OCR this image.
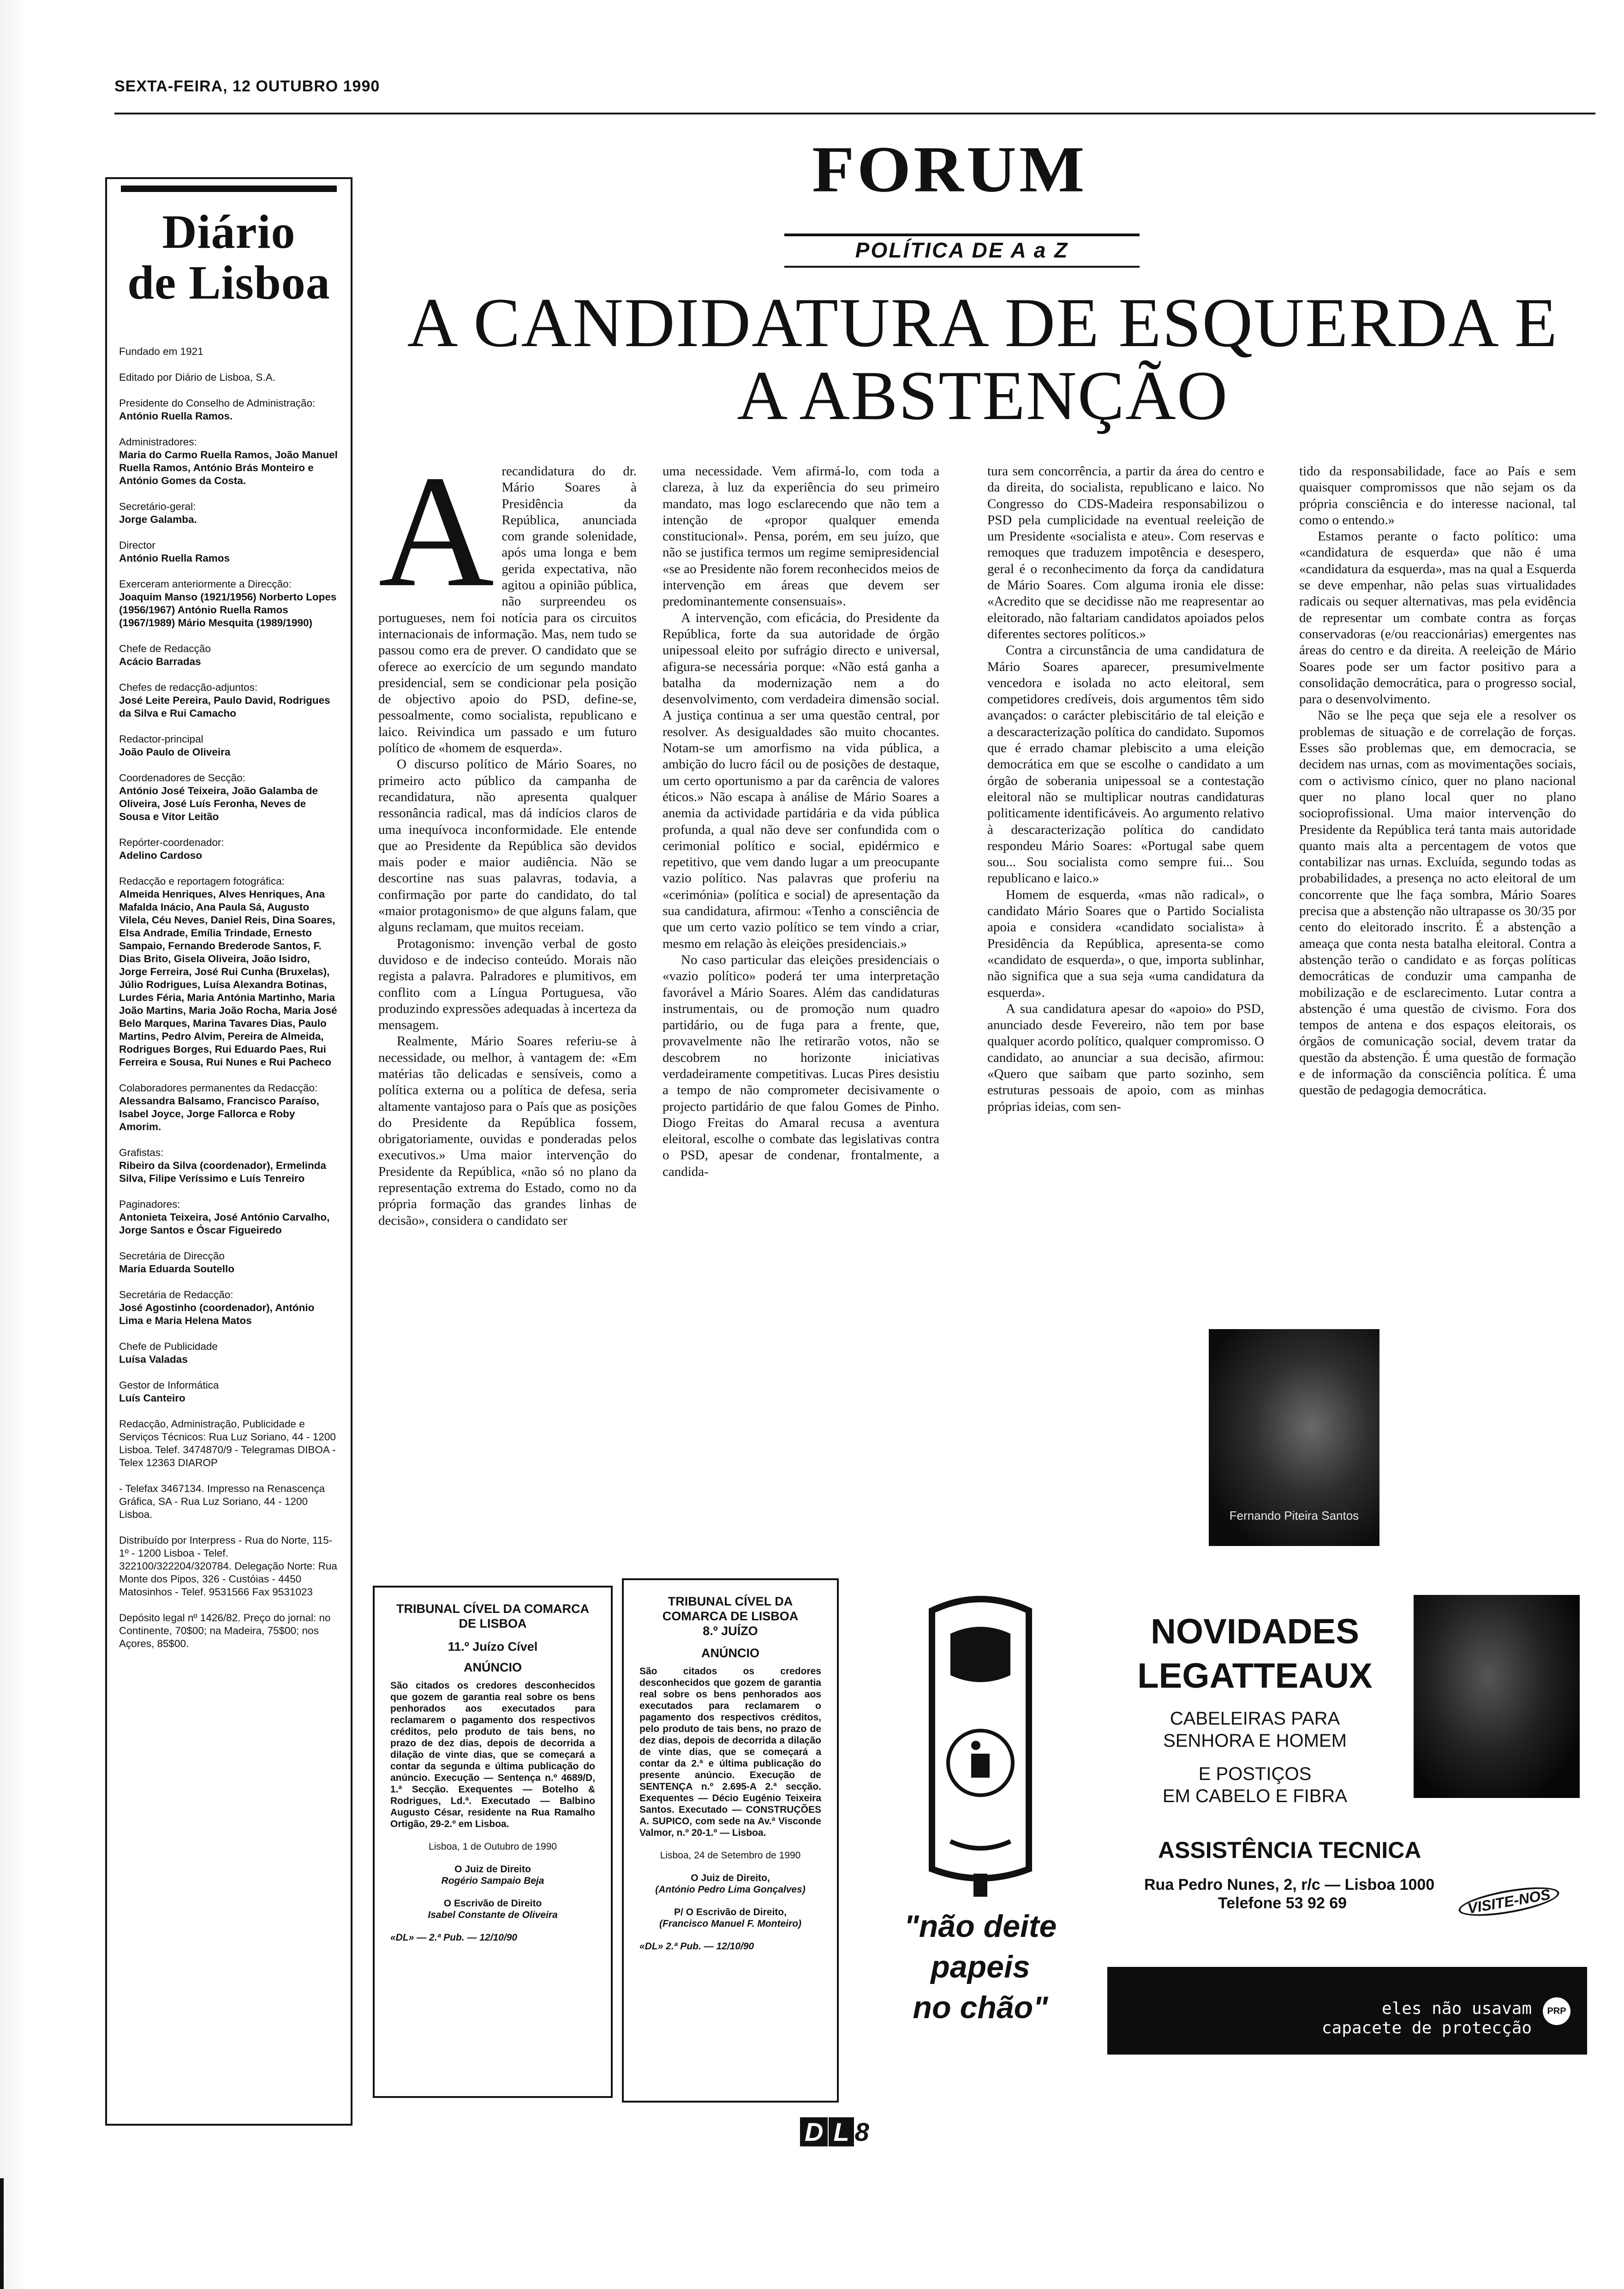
SEXTA-FEIRA, 12 OUTUBRO 1990
Diário
de Lisboa
Fundado em 1921
Editado por Diário de Lisboa, S.A.
Presidente do Conselho de Administração:
António Ruella Ramos.
Administradores:
Maria do Carmo Ruella Ramos, João Manuel Ruella Ramos, António Brás Monteiro e António Gomes da Costa.
Secretário-geral:
Jorge Galamba.
Director
António Ruella Ramos
Exerceram anteriormente a Direcção:
Joaquim Manso (1921/1956) Norberto Lopes (1956/1967) António Ruella Ramos (1967/1989) Mário Mesquita (1989/1990)
Chefe de Redacção
Acácio Barradas
Chefes de redacção-adjuntos:
José Leite Pereira, Paulo David, Rodrigues da Silva e Rui Camacho
Redactor-principal
João Paulo de Oliveira
Coordenadores de Secção:
António José Teixeira, João Galamba de Oliveira, José Luís Feronha, Neves de Sousa e Vítor Leitão
Repórter-coordenador:
Adelino Cardoso
Redacção e reportagem fotográfica:
Almeida Henriques, Alves Henriques, Ana Mafalda Inácio, Ana Paula Sá, Augusto Vilela, Céu Neves, Daniel Reis, Dina Soares, Elsa Andrade, Emília Trindade, Ernesto Sampaio, Fernando Brederode Santos, F. Dias Brito, Gisela Oliveira, João Isidro, Jorge Ferreira, José Rui Cunha (Bruxelas), Júlio Rodrigues, Luísa Alexandra Botinas, Lurdes Féria, Maria Antónia Martinho, Maria João Martins, Maria João Rocha, Maria José Belo Marques, Marina Tavares Dias, Paulo Martins, Pedro Alvim, Pereira de Almeida, Rodrigues Borges, Rui Eduardo Paes, Rui Ferreira e Sousa, Rui Nunes e Rui Pacheco
Colaboradores permanentes da Redacção:
Alessandra Balsamo, Francisco Paraíso, Isabel Joyce, Jorge Fallorca e Roby Amorim.
Grafistas:
Ribeiro da Silva (coordenador), Ermelinda Silva, Filipe Veríssimo e Luís Tenreiro
Paginadores:
Antonieta Teixeira, José António Carvalho, Jorge Santos e Óscar Figueiredo
Secretária de Direcção
Maria Eduarda Soutello
Secretária de Redacção:
José Agostinho (coordenador), António Lima e Maria Helena Matos
Chefe de Publicidade
Luísa Valadas
Gestor de Informática
Luís Canteiro
Redacção, Administração, Publicidade e Serviços Técnicos: Rua Luz Soriano, 44 - 1200 Lisboa. Telef. 3474870/9 - Telegramas DIBOA - Telex 12363 DIAROP
- Telefax 3467134. Impresso na Renascença Gráfica, SA - Rua Luz Soriano, 44 - 1200 Lisboa.
Distribuído por Interpress - Rua do Norte, 115-1º - 1200 Lisboa - Telef. 322100/322204/320784. Delegação Norte: Rua Monte dos Pipos, 326 - Custóias - 4450 Matosinhos - Telef. 9531566 Fax 9531023
Depósito legal nº 1426/82. Preço do jornal: no Continente, 70$00; na Madeira, 75$00; nos Açores, 85$00.
FORUM
POLÍTICA DE A a Z
A CANDIDATURA DE ESQUERDA E A ABSTENÇÃO

Arecandidatura do dr. Mário Soares à Presidência da República, anunciada com grande solenidade, após uma longa e bem gerida expectativa, não agitou a opinião pública, não surpreendeu os portugueses, nem foi notícia para os circuitos internacionais de informação. Mas, nem tudo se passou como era de prever. O candidato que se oferece ao exercício de um segundo mandato presidencial, sem se condicionar pela posição de objectivo apoio do PSD, define-se, pessoalmente, como socialista, republicano e laico. Reivindica um passado e um futuro político de «homem de esquerda».

O discurso político de Mário Soares, no primeiro acto público da campanha de recandidatura, não apresenta qualquer ressonância radical, mas dá indícios claros de uma inequívoca inconformidade. Ele entende que ao Presidente da República são devidos mais poder e maior audiência. Não se descortine nas suas palavras, todavia, a confirmação por parte do candidato, do tal «maior protagonismo» de que alguns falam, que alguns reclamam, que muitos receiam.

Protagonismo: invenção verbal de gosto duvidoso e de indeciso conteúdo. Morais não regista a palavra. Palradores e plumitivos, em conflito com a Língua Portuguesa, vão produzindo expressões adequadas à incerteza da mensagem.

Realmente, Mário Soares referiu-se à necessidade, ou melhor, à vantagem de: «Em matérias tão delicadas e sensíveis, como a política externa ou a política de defesa, seria altamente vantajoso para o País que as posições do Presidente da República fossem, obrigatoriamente, ouvidas e ponderadas pelos executivos.» Uma maior intervenção do Presidente da República, «não só no plano da representação extrema do Estado, como no da própria formação das grandes linhas de decisão», considera o candidato ser

uma necessidade. Vem afirmá-lo, com toda a clareza, à luz da experiência do seu primeiro mandato, mas logo esclarecendo que não tem a intenção de «propor qualquer emenda constitucional». Pensa, porém, em seu juízo, que não se justifica termos um regime semipresidencial «se ao Presidente não forem reconhecidos meios de intervenção em áreas que devem ser predominantemente consensuais».

A intervenção, com eficácia, do Presidente da República, forte da sua autoridade de órgão unipessoal eleito por sufrágio directo e universal, afigura-se necessária porque: «Não está ganha a batalha da modernização nem a do desenvolvimento, com verdadeira dimensão social. A justiça continua a ser uma questão central, por resolver. As desigualdades são muito chocantes. Notam-se um amorfismo na vida pública, a ambição do lucro fácil ou de posições de destaque, um certo oportunismo a par da carência de valores éticos.» Não escapa à análise de Mário Soares a anemia da actividade partidária e da vida pública profunda, a qual não deve ser confundida com o cerimonial político e social, epidérmico e repetitivo, que vem dando lugar a um preocupante vazio político. Nas palavras que proferiu na «cerimónia» (política e social) de apresentação da sua candidatura, afirmou: «Tenho a consciência de que um certo vazio político se tem vindo a criar, mesmo em relação às eleições presidenciais.»

No caso particular das eleições presidenciais o «vazio político» poderá ter uma interpretação favorável a Mário Soares. Além das candidaturas instrumentais, ou de promoção num quadro partidário, ou de fuga para a frente, que, provavelmente não lhe retirarão votos, não se descobrem no horizonte iniciativas verdadeiramente competitivas. Lucas Pires desistiu a tempo de não comprometer decisivamente o projecto partidário de que falou Gomes de Pinho. Diogo Freitas do Amaral recusa a aventura eleitoral, escolhe o combate das legislativas contra o PSD, apesar de condenar, frontalmente, a candida-

tura sem concorrência, a partir da área do centro e da direita, do socialista, republicano e laico. No Congresso do CDS-Madeira responsabilizou o PSD pela cumplicidade na eventual reeleição de um Presidente «socialista e ateu». Com reservas e remoques que traduzem impotência e desespero, geral é o reconhecimento da força da candidatura de Mário Soares. Com alguma ironia ele disse: «Acredito que se decidisse não me reapresentar ao eleitorado, não faltariam candidatos apoiados pelos diferentes sectores políticos.»

Contra a circunstância de uma candidatura de Mário Soares aparecer, presumivelmente vencedora e isolada no acto eleitoral, sem competidores credíveis, dois argumentos têm sido avançados: o carácter plebiscitário de tal eleição e a descaracterização política do candidato. Supomos que é errado chamar plebiscito a uma eleição democrática em que se escolhe o candidato a um órgão de soberania unipessoal se a contestação eleitoral não se multiplicar noutras candidaturas politicamente identificáveis. Ao argumento relativo à descaracterização política do candidato respondeu Mário Soares: «Portugal sabe quem sou... Sou socialista como sempre fui... Sou republicano e laico.»

Homem de esquerda, «mas não radical», o candidato Mário Soares que o Partido Socialista apoia e considera «candidato socialista» à Presidência da República, apresenta-se como «candidato de esquerda», o que, importa sublinhar, não significa que a sua seja «uma candidatura da esquerda».

A sua candidatura apesar do «apoio» do PSD, anunciado desde Fevereiro, não tem por base qualquer acordo político, qualquer compromisso. O candidato, ao anunciar a sua decisão, afirmou: «Quero que saibam que parto sozinho, sem estruturas pessoais de apoio, com as minhas próprias ideias, com sen-

tido da responsabilidade, face ao País e sem quaisquer compromissos que não sejam os da própria consciência e do interesse nacional, tal como o entendo.»

Estamos perante o facto político: uma «candidatura de esquerda» que não é uma «candidatura da esquerda», mas na qual a Esquerda se deve empenhar, não pelas suas virtualidades radicais ou sequer alternativas, mas pela evidência de representar um combate contra as forças conservadoras (e/ou reaccionárias) emergentes nas áreas do centro e da direita. A reeleição de Mário Soares pode ser um factor positivo para a consolidação democrática, para o progresso social, para o desenvolvimento.

Não se lhe peça que seja ele a resolver os problemas de situação e de correlação de forças. Esses são problemas que, em democracia, se decidem nas urnas, com as movimentações sociais, com o activismo cínico, quer no plano nacional quer no plano local quer no plano socioprofissional. Uma maior intervenção do Presidente da República terá tanta mais autoridade quanto mais alta a percentagem de votos que contabilizar nas urnas. Excluída, segundo todas as probabilidades, a presença no acto eleitoral de um concorrente que lhe faça sombra, Mário Soares precisa que a abstenção não ultrapasse os 30/35 por cento do eleitorado inscrito. É a abstenção a ameaça que conta nesta batalha eleitoral. Contra a abstenção terão o candidato e as forças políticas democráticas de conduzir uma campanha de mobilização e de esclarecimento. Lutar contra a abstenção é uma questão de civismo. Fora dos tempos de antena e dos espaços eleitorais, os órgãos de comunicação social, devem tratar da questão da abstenção. É uma questão de formação e de informação da consciência política. É uma questão de pedagogia democrática.

Fernando Piteira Santos
TRIBUNAL CÍVEL DA COMARCA DE LISBOA
11.º Juízo Cível
ANÚNCIO
São citados os credores desconhecidos que gozem de garantia real sobre os bens penhorados aos executados para reclamarem o pagamento dos respectivos créditos, pelo produto de tais bens, no prazo de dez dias, depois de decorrida a dilação de vinte dias, que se começará a contar da segunda e última publicação do anúncio. Execução — Sentença n.º 4689/D, 1.ª Secção. Exequentes — Botelho & Rodrigues, Ld.ª. Executado — Balbino Augusto César, residente na Rua Ramalho Ortigão, 29-2.º em Lisboa.
Lisboa, 1 de Outubro de 1990
O Juiz de Direito
Rogério Sampaio Beja
O Escrivão de Direito
Isabel Constante de Oliveira
«DL» — 2.ª Pub. — 12/10/90
TRIBUNAL CÍVEL DA COMARCA DE LISBOA
8.º JUÍZO
ANÚNCIO
São citados os credores desconhecidos que gozem de garantia real sobre os bens penhorados aos executados para reclamarem o pagamento dos respectivos créditos, pelo produto de tais bens, no prazo de dez dias, depois de decorrida a dilação de vinte dias, que se começará a contar da 2.ª e última publicação do presente anúncio. Execução de SENTENÇA n.º 2.695-A 2.ª secção. Exequentes — Décio Eugénio Teixeira Santos. Executado — CONSTRUÇÕES A. SUPICO, com sede na Av.ª Visconde Valmor, n.º 20-1.º — Lisboa.
Lisboa, 24 de Setembro de 1990
O Juiz de Direito,
(António Pedro Lima Gonçalves)
P/ O Escrivão de Direito,
(Francisco Manuel F. Monteiro)
«DL» 2.ª Pub. — 12/10/90
"não deite
papeis
no chão"
NOVIDADES
LEGATTEAUX
CABELEIRAS PARA
SENHORA E HOMEM
E POSTIÇOS
EM CABELO E FIBRA
ASSISTÊNCIA TECNICA
Rua Pedro Nunes, 2, r/c — Lisboa 1000
Telefone 53 92 69	VISITE-NOS
eles não usavam
capacete de protecção
PRP
D L 8
